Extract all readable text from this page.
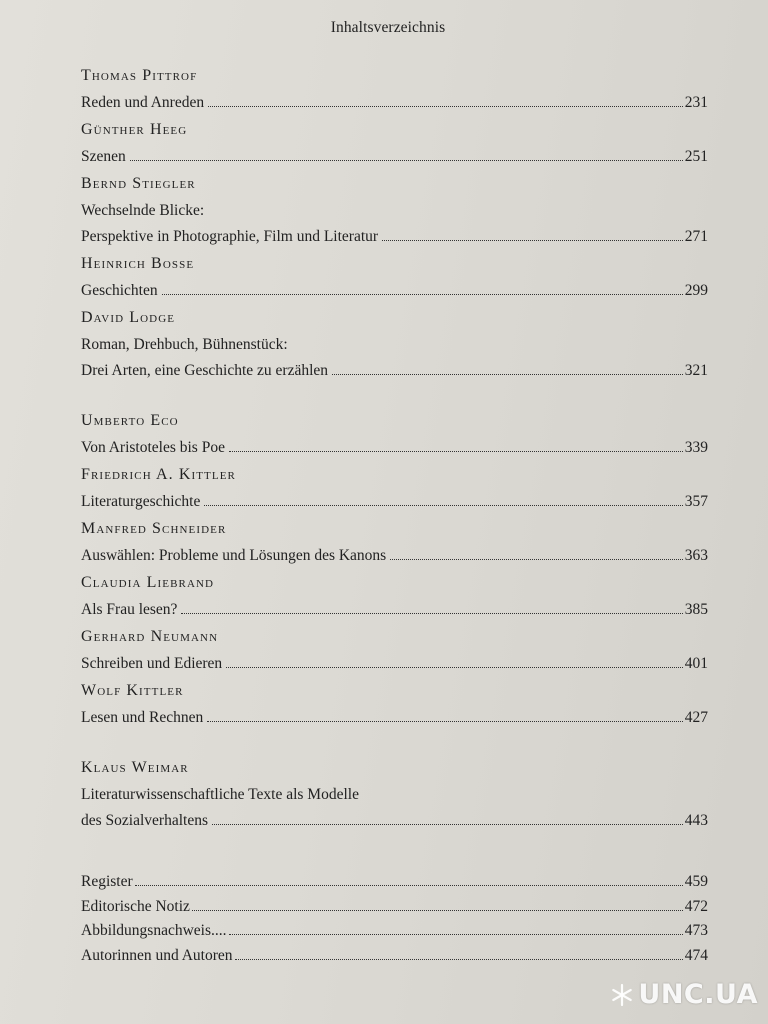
Inhaltsverzeichnis
Thomas Pittrof
Reden und Anreden	231
Günther Heeg
Szenen	251
Bernd Stiegler
Wechselnde Blicke:
Perspektive in Photographie, Film und Literatur	271
Heinrich Bosse
Geschichten	299
David Lodge
Roman, Drehbuch, Bühnenstück:
Drei Arten, eine Geschichte zu erzählen	321
Umberto Eco
Von Aristoteles bis Poe	339
Friedrich A. Kittler
Literaturgeschichte	357
Manfred Schneider
Auswählen: Probleme und Lösungen des Kanons	363
Claudia Liebrand
Als Frau lesen?	385
Gerhard Neumann
Schreiben und Edieren	401
Wolf Kittler
Lesen und Rechnen	427
Klaus Weimar
Literaturwissenschaftliche Texte als Modelle
des Sozialverhaltens	443
Register	459
Editorische Notiz	472
Abbildungsnachweis....	473
Autorinnen und Autoren	474
UNC.UA
